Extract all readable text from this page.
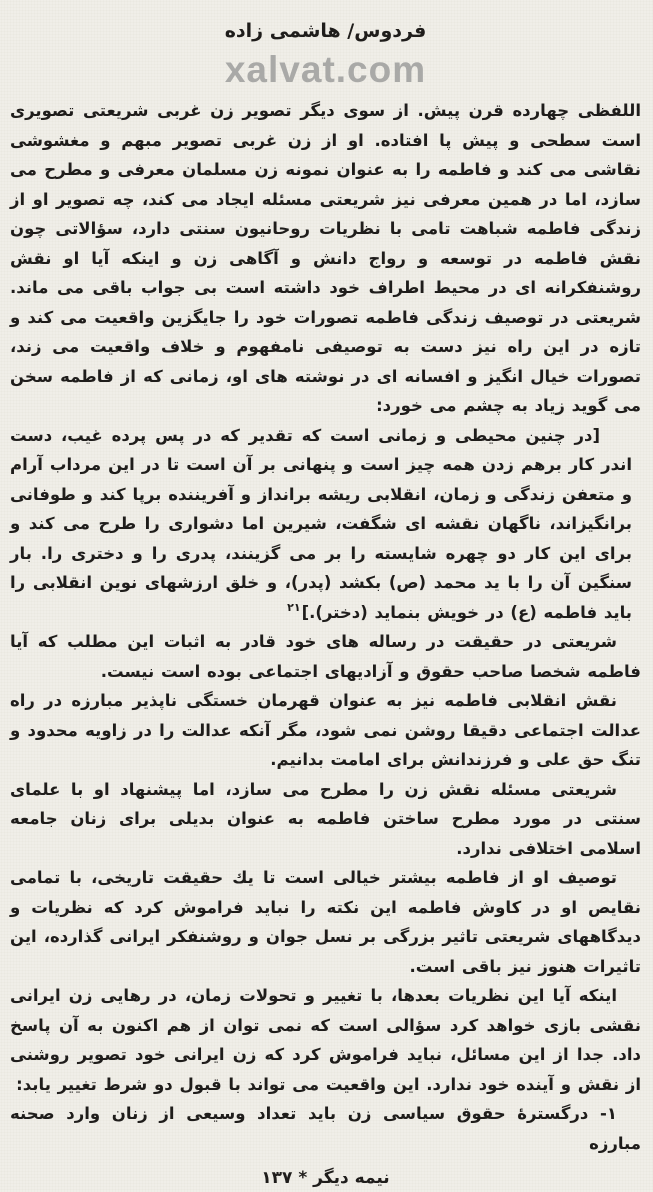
فردوس/ هاشمی زاده
xalvat.com

اللفظی چهارده قرن پیش. از سوی دیگر تصویر زن غربی شریعتی تصویری است سطحی و پیش پا افتاده. او از زن غربی تصویر مبهم و مغشوشی نقاشی می کند و فاطمه را به عنوان نمونه زن مسلمان معرفی و مطرح می سازد، اما در همین معرفی نیز شریعتی مسئله ایجاد می کند، چه تصویر او از زندگی فاطمه شباهت تامی با نظریات روحانیون سنتی دارد، سؤالاتی چون نقش فاطمه در توسعه و رواج دانش و آگاهی زن و اینکه آیا او نقش روشنفکرانه ای در محیط اطراف خود داشته است بی جواب باقی می ماند. شریعتی در توصیف زندگی فاطمه تصورات خود را جایگزین واقعیت می کند و تازه در این راه نیز دست به توصیفی نامفهوم و خلاف واقعیت می زند، تصورات خیال انگیز و افسانه ای در نوشته های او، زمانی که از فاطمه سخن می گوید زیاد به چشم می خورد:

[در چنین محیطی و زمانی است که تقدیر که در پس پرده غیب، دست اندر کار برهم زدن همه چیز است و پنهانی بر آن است تا در این مرداب آرام و متعفن زندگی و زمان، انقلابی ریشه برانداز و آفریننده برپا کند و طوفانی برانگیزاند، ناگهان نقشه ای شگفت، شیرین اما دشواری را طرح می کند و برای این کار دو چهره شایسته را بر می گزینند، پدری را و دختری را. بار سنگین آن را با ید محمد (ص) بکشد (پدر)، و خلق ارزشهای نوین انقلابی را باید فاطمه (ع) در خویش بنماید (دختر).]$^{۲۱}$

شریعتی در حقیقت در رساله های خود قادر به اثبات این مطلب که آیا فاطمه شخصا صاحب حقوق و آزادیهای اجتماعی بوده است نیست.

نقش انقلابی فاطمه نیز به عنوان قهرمان خستگی ناپذیر مبارزه در راه عدالت اجتماعی دقیقا روشن نمی شود، مگر آنکه عدالت را در زاویه محدود و تنگ حق علی و فرزندانش برای امامت بدانیم.

شریعتی مسئله نقش زن را مطرح می سازد، اما پیشنهاد او با علمای سنتی در مورد مطرح ساختن فاطمه به عنوان بدیلی برای زنان جامعه اسلامی اختلافی ندارد.

توصیف او از فاطمه بیشتر خیالی است تا یك حقیقت تاریخی، با تمامی نقایص او در کاوش فاطمه این نکته را نباید فراموش کرد که نظریات و دیدگاههای شریعتی تاثیر بزرگی بر نسل جوان و روشنفکر ایرانی گذارده، این تاثیرات هنوز نیز باقی است.

اینکه آیا این نظریات بعدها، با تغییر و تحولات زمان، در رهایی زن ایرانی نقشی بازی خواهد کرد سؤالی است که نمی توان از هم اکنون به آن پاسخ داد. جدا از این مسائل، نباید فراموش کرد که زن ایرانی خود تصویر روشنی از نقش و آینده خود ندارد. این واقعیت می تواند با قبول دو شرط تغییر یابد:

۱- درگسترهٔ حقوق سیاسی زن باید تعداد وسیعی از زنان وارد صحنه مبارزه

نیمه دیگر * ۱۳۷
